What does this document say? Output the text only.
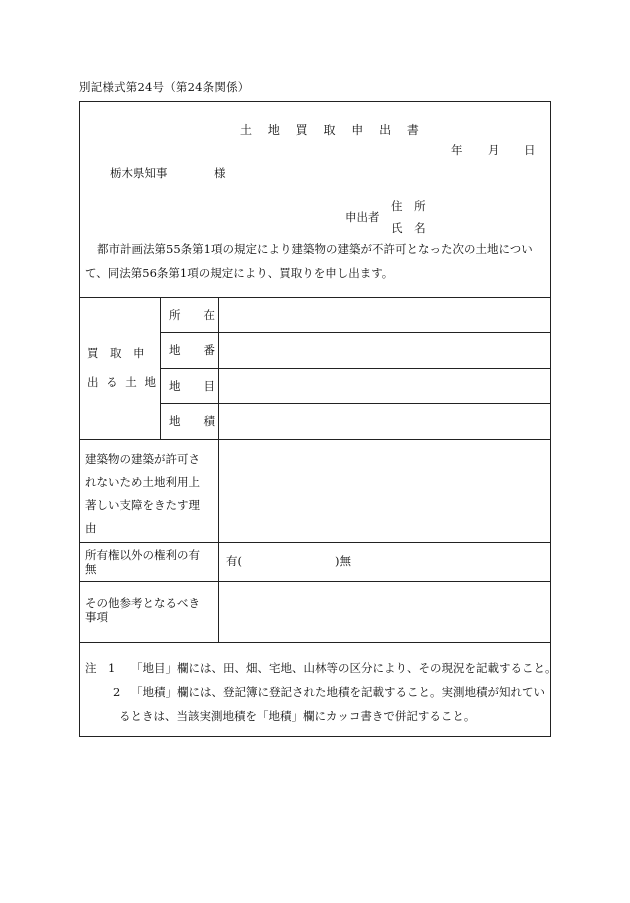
別記様式第24号（第24条関係）
土 地 買 取 申 出 書
年 月 日
栃木県知事	様
申出者
住 所
氏 名
都市計画法第55条第1項の規定により建築物の建築が不許可となった次の土地につい
て、同法第56条第1項の規定により、買取りを申し出ます。
買　取　申
出 る 土 地
所　　在
地　　番
地　　目
地　　積
建築物の建築が許可さ
れないため土地利用上
著しい支障をきたす理
由
所有権以外の権利の有
無
有(	)無
その他参考となるべき
事項
注　1 「地目」欄には、田、畑、宅地、山林等の区分により、その現況を記載すること。
2 「地積」欄には、登記簿に登記された地積を記載すること。実測地積が知れてい
るときは、当該実測地積を「地積」欄にカッコ書きで併記すること。
